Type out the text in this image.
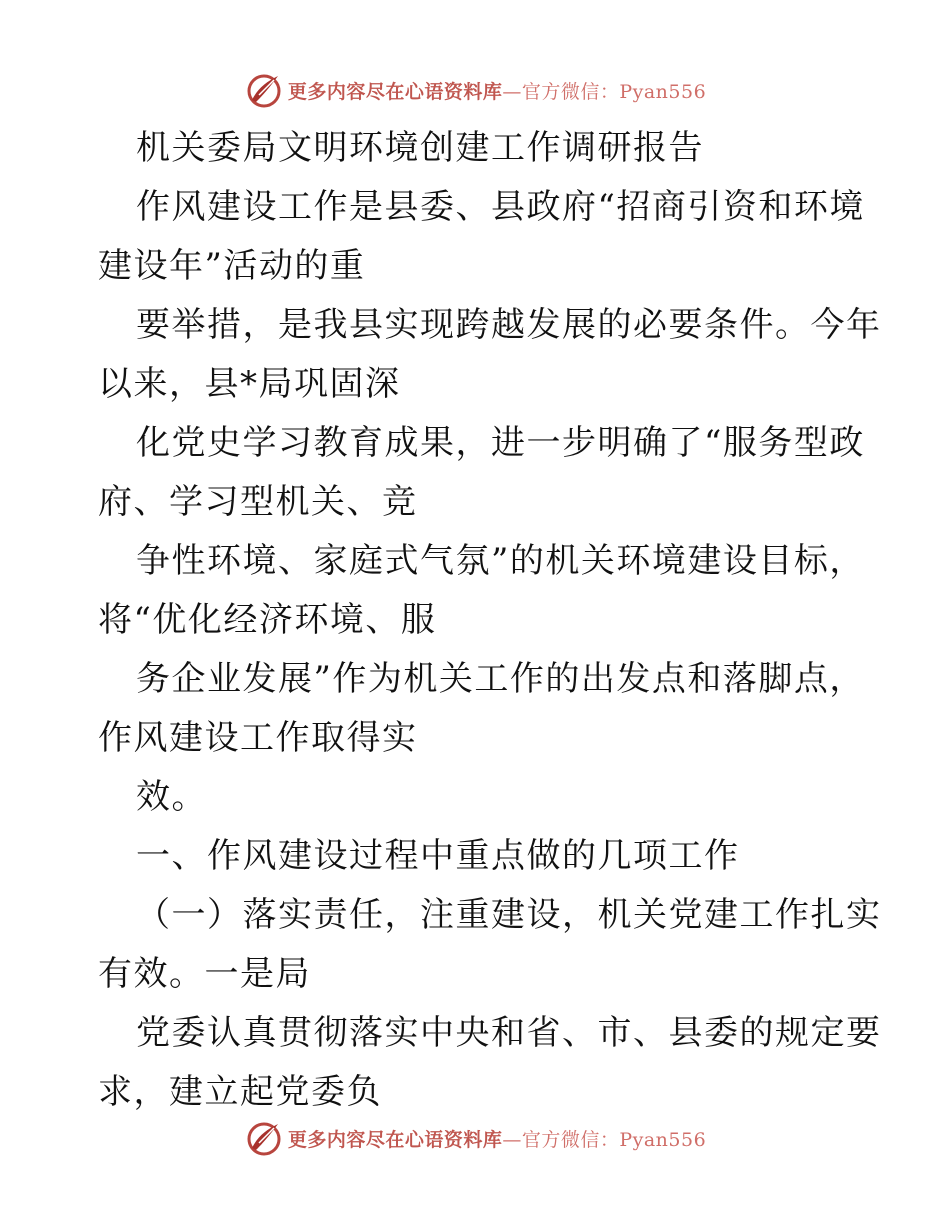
更多内容尽在心语资料库—官方微信：Pyan556
机关委局文明环境创建工作调研报告
作风建设工作是县委、县政府“招商引资和环境
建设年”活动的重
要举措，是我县实现跨越发展的必要条件。今年
以来，县*局巩固深
化党史学习教育成果，进一步明确了“服务型政
府、学习型机关、竞
争性环境、家庭式气氛”的机关环境建设目标，
将“优化经济环境、服
务企业发展”作为机关工作的出发点和落脚点，
作风建设工作取得实
效。
一、作风建设过程中重点做的几项工作
（一）落实责任，注重建设，机关党建工作扎实
有效。一是局
党委认真贯彻落实中央和省、市、县委的规定要
求，建立起党委负
更多内容尽在心语资料库—官方微信：Pyan556
